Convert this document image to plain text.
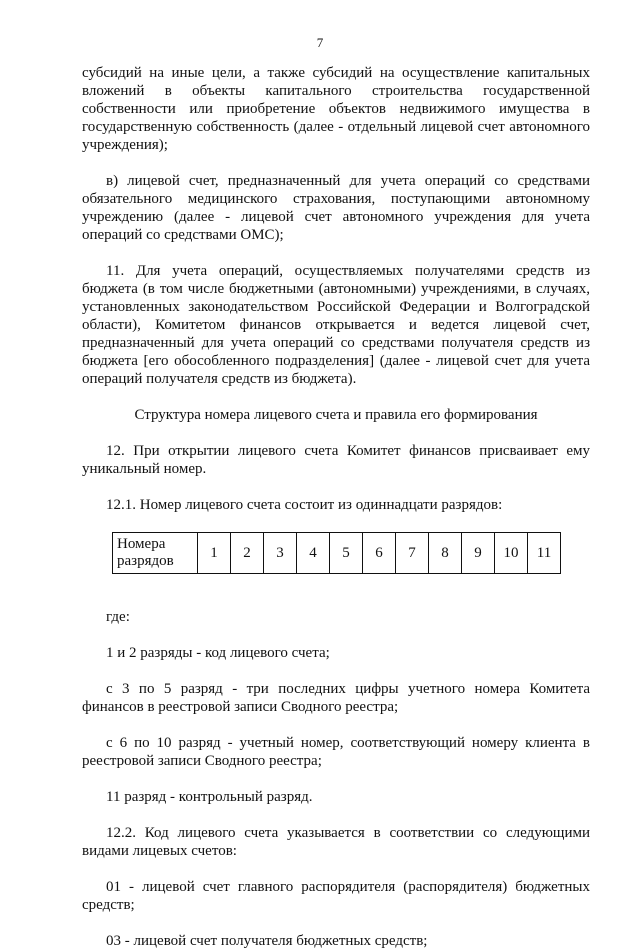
7

субсидий на иные цели, а также субсидий на осуществление капитальных вложений в объекты капитального строительства государственной собственности или приобретение объектов недвижимого имущества в государственную собственность (далее - отдельный лицевой счет автономного учреждения);

в) лицевой счет, предназначенный для учета операций со средствами обязательного медицинского страхования, поступающими автономному учреждению (далее - лицевой счет автономного учреждения для учета операций со средствами ОМС);

11. Для учета операций, осуществляемых получателями средств из бюджета (в том числе бюджетными (автономными) учреждениями, в случаях, установленных законодательством Российской Федерации и Волгоградской области), Комитетом финансов открывается и ведется лицевой счет, предназначенный для учета операций со средствами получателя средств из бюджета [его обособленного подразделения] (далее - лицевой счет для учета операций получателя средств из бюджета).

Структура номера лицевого счета и правила его формирования

12. При открытии лицевого счета Комитет финансов присваивает ему уникальный номер.

12.1. Номер лицевого счета состоит из одиннадцати разрядов:

Номера разрядов	1	2	3	4	5	6	7	8	9	10	11

где:

1 и 2 разряды - код лицевого счета;

с 3 по 5 разряд - три последних цифры учетного номера Комитета финансов в реестровой записи Сводного реестра;

с 6 по 10 разряд - учетный номер, соответствующий номеру клиента в реестровой записи Сводного реестра;

11 разряд - контрольный разряд.

12.2. Код лицевого счета указывается в соответствии со следующими видами лицевых счетов:

01 - лицевой счет главного распорядителя (распорядителя) бюджетных средств;

03 - лицевой счет получателя бюджетных средств;
